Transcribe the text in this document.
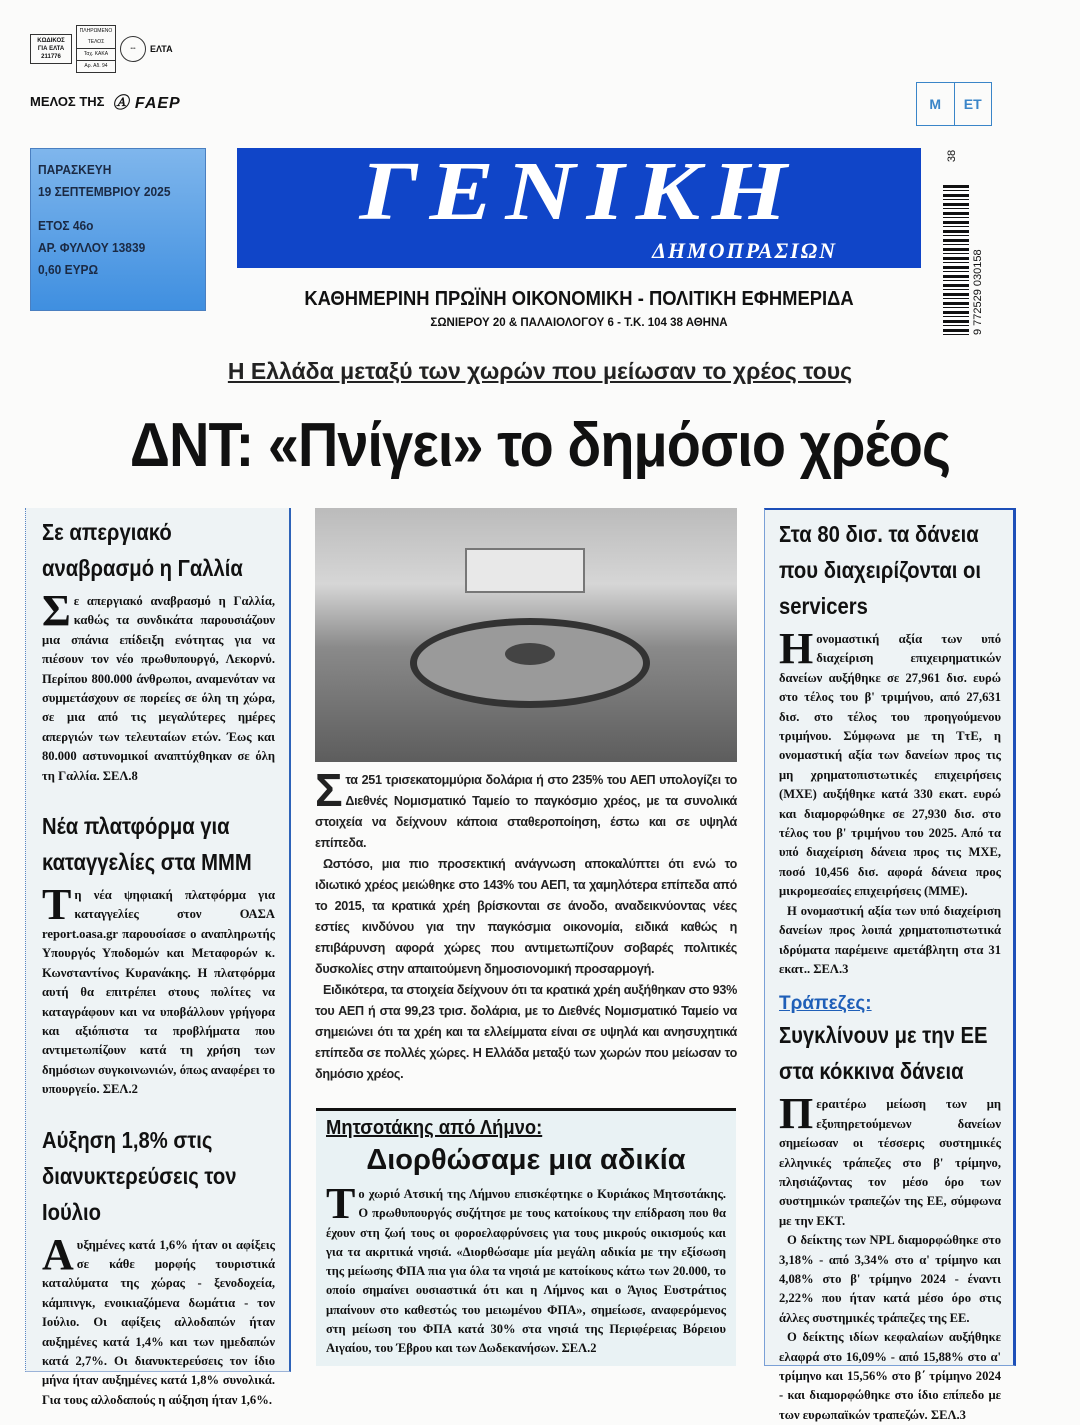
ΚΩΔΙΚΟΣ ΓΙΑ ΕΛΤΑ
211776
ΠΛΗΡΩΜΕΝΟ ΤΕΛΟΣ
Ταχ. ΚΑΚΑ
Αρ. Αδ. 94
•••	ΕΛΤΑ
ΜΕΛΟΣ ΤΗΣ Ⓐ FAEP
ΠΑΡΑΣΚΕΥΗ
19 ΣΕΠΤΕΜΒΡΙΟΥ 2025
ΕΤΟΣ 46ο
ΑΡ. ΦΥΛΛΟΥ 13839
0,60 ΕΥΡΩ
ΓΕΝΙΚΗ
ΔΗΜΟΠΡΑΣΙΩΝ
ΚΑΘΗΜΕΡΙΝΗ ΠΡΩΪΝΗ ΟΙΚΟΝΟΜΙΚΗ - ΠΟΛΙΤΙΚΗ ΕΦΗΜΕΡΙΔΑ
ΣΩΝΙΕΡΟΥ 20 & ΠΑΛΑΙΟΛΟΓΟΥ 6 - Τ.Κ. 104 38 ΑΘΗΝΑ
Μ	ΕΤ
38
9 772529 030158
Η Ελλάδα μεταξύ των χωρών που μείωσαν το χρέος τους
ΔΝΤ: «Πνίγει» το δημόσιο χρέος
Σε απεργιακό αναβρασμό η Γαλλία

Σε απεργιακό αναβρασμό η Γαλλία, καθώς τα συνδικάτα παρουσιάζουν μια σπάνια επίδειξη ενότητας για να πιέσουν τον νέο πρωθυπουργό, Λεκορνύ. Περίπου 800.000 άνθρωποι, αναμενόταν να συμμετάσχουν σε πορείες σε όλη τη χώρα, σε μια από τις μεγαλύτερες ημέρες απεργιών των τελευταίων ετών. Έως και 80.000 αστυνομικοί αναπτύχθηκαν σε όλη τη Γαλλία. ΣΕΛ.8

Νέα πλατφόρμα για καταγγελίες στα ΜΜΜ

Τη νέα ψηφιακή πλατφόρμα για καταγγελίες στον ΟΑΣΑ report.oasa.gr παρουσίασε ο αναπληρωτής Υπουργός Υποδομών και Μεταφορών κ. Κωνσταντίνος Κυρανάκης. Η πλατφόρμα αυτή θα επιτρέπει στους πολίτες να καταγράφουν και να υποβάλλουν γρήγορα και αξιόπιστα τα προβλήματα που αντιμετωπίζουν κατά τη χρήση των δημόσιων συγκοινωνιών, όπως αναφέρει το υπουργείο. ΣΕΛ.2

Αύξηση 1,8% στις διανυκτερεύσεις τον Ιούλιο

Αυξημένες κατά 1,6% ήταν οι αφίξεις σε κάθε μορφής τουριστικά καταλύματα της χώρας - ξενοδοχεία, κάμπινγκ, ενοικιαζόμενα δωμάτια - τον Ιούλιο. Οι αφίξεις αλλοδαπών ήταν αυξημένες κατά 1,4% και των ημεδαπών κατά 2,7%. Οι διανυκτερεύσεις τον ίδιο μήνα ήταν αυξημένες κατά 1,8% συνολικά. Για τους αλλοδαπούς η αύξηση ήταν 1,6%.

Στα 251 τρισεκατομμύρια δολάρια ή στο 235% του ΑΕΠ υπολογίζει το Διεθνές Νομισματικό Ταμείο το παγκόσμιο χρέος, με τα συνολικά στοιχεία να δείχνουν κάποια σταθεροποίηση, έστω και σε υψηλά επίπεδα.

Ωστόσο, μια πιο προσεκτική ανάγνωση αποκαλύπτει ότι ενώ το ιδιωτικό χρέος μειώθηκε στο 143% του ΑΕΠ, τα χαμηλότερα επίπεδα από το 2015, τα κρατικά χρέη βρίσκονται σε άνοδο, αναδεικνύοντας νέες εστίες κινδύνου για την παγκόσμια οικονομία, ειδικά καθώς η επιβάρυνση αφορά χώρες που αντιμετωπίζουν σοβαρές πολιτικές δυσκολίες στην απαιτούμενη δημοσιονομική προσαρμογή.

Ειδικότερα, τα στοιχεία δείχνουν ότι τα κρατικά χρέη αυξήθηκαν στο 93% του ΑΕΠ ή στα 99,23 τρισ. δολάρια, με το Διεθνές Νομισματικό Ταμείο να σημειώνει ότι τα χρέη και τα ελλείμματα είναι σε υψηλά και ανησυχητικά επίπεδα σε πολλές χώρες. Η Ελλάδα μεταξύ των χωρών που μείωσαν το δημόσιο χρέος.

Μητσοτάκης από Λήμνο:
Διορθώσαμε μια αδικία

Το χωριό Ατσική της Λήμνου επισκέφτηκε ο Κυριάκος Μητσοτάκης. Ο πρωθυπουργός συζήτησε με τους κατοίκους την επίδραση που θα έχουν στη ζωή τους οι φοροελαφρύνσεις για τους μικρούς οικισμούς και για τα ακριτικά νησιά. «Διορθώσαμε μία μεγάλη αδικία με την εξίσωση της μείωσης ΦΠΑ πια για όλα τα νησιά με κατοίκους κάτω των 20.000, το οποίο σημαίνει ουσιαστικά ότι και η Λήμνος και ο Άγιος Ευστράτιος μπαίνουν στο καθεστώς του μειωμένου ΦΠΑ», σημείωσε, αναφερόμενος στη μείωση του ΦΠΑ κατά 30% στα νησιά της Περιφέρειας Βόρειου Αιγαίου, του Έβρου και των Δωδεκανήσων. ΣΕΛ.2

Στα 80 δισ. τα δάνεια που διαχειρίζονται οι servicers

Ηονομαστική αξία των υπό διαχείριση επιχειρηματικών δανείων αυξήθηκε σε 27,961 δισ. ευρώ στο τέλος του β' τριμήνου, από 27,631 δισ. στο τέλος του προηγούμενου τριμήνου. Σύμφωνα με τη ΤτΕ, η ονομαστική αξία των δανείων προς τις μη χρηματοπιστωτικές επιχειρήσεις (ΜΧΕ) αυξήθηκε κατά 330 εκατ. ευρώ και διαμορφώθηκε σε 27,930 δισ. στο τέλος του β' τριμήνου του 2025. Από τα υπό διαχείριση δάνεια προς τις ΜΧΕ, ποσό 10,456 δισ. αφορά δάνεια προς μικρομεσαίες επιχειρήσεις (ΜΜΕ).

Η ονομαστική αξία των υπό διαχείριση δανείων προς λοιπά χρηματοπιστωτικά ιδρύματα παρέμεινε αμετάβλητη στα 31 εκατ.. ΣΕΛ.3

Τράπεζες:
Συγκλίνουν με την ΕΕ στα κόκκινα δάνεια

Περαιτέρω μείωση των μη εξυπηρετούμενων δανείων σημείωσαν οι τέσσερις συστημικές ελληνικές τράπεζες στο β' τρίμηνο, πλησιάζοντας τον μέσο όρο των συστημικών τραπεζών της ΕΕ, σύμφωνα με την ΕΚΤ.

Ο δείκτης των NPL διαμορφώθηκε στο 3,18% - από 3,34% στο α' τρίμηνο και 4,08% στο β' τρίμηνο 2024 - έναντι 2,22% που ήταν κατά μέσο όρο στις άλλες συστημικές τράπεζες της ΕΕ.

Ο δείκτης ιδίων κεφαλαίων αυξήθηκε ελαφρά στο 16,09% - από 15,88% στο α' τρίμηνο και 15,56% στο β΄ τρίμηνο 2024 - και διαμορφώθηκε στο ίδιο επίπεδο με των ευρωπαϊκών τραπεζών. ΣΕΛ.3
